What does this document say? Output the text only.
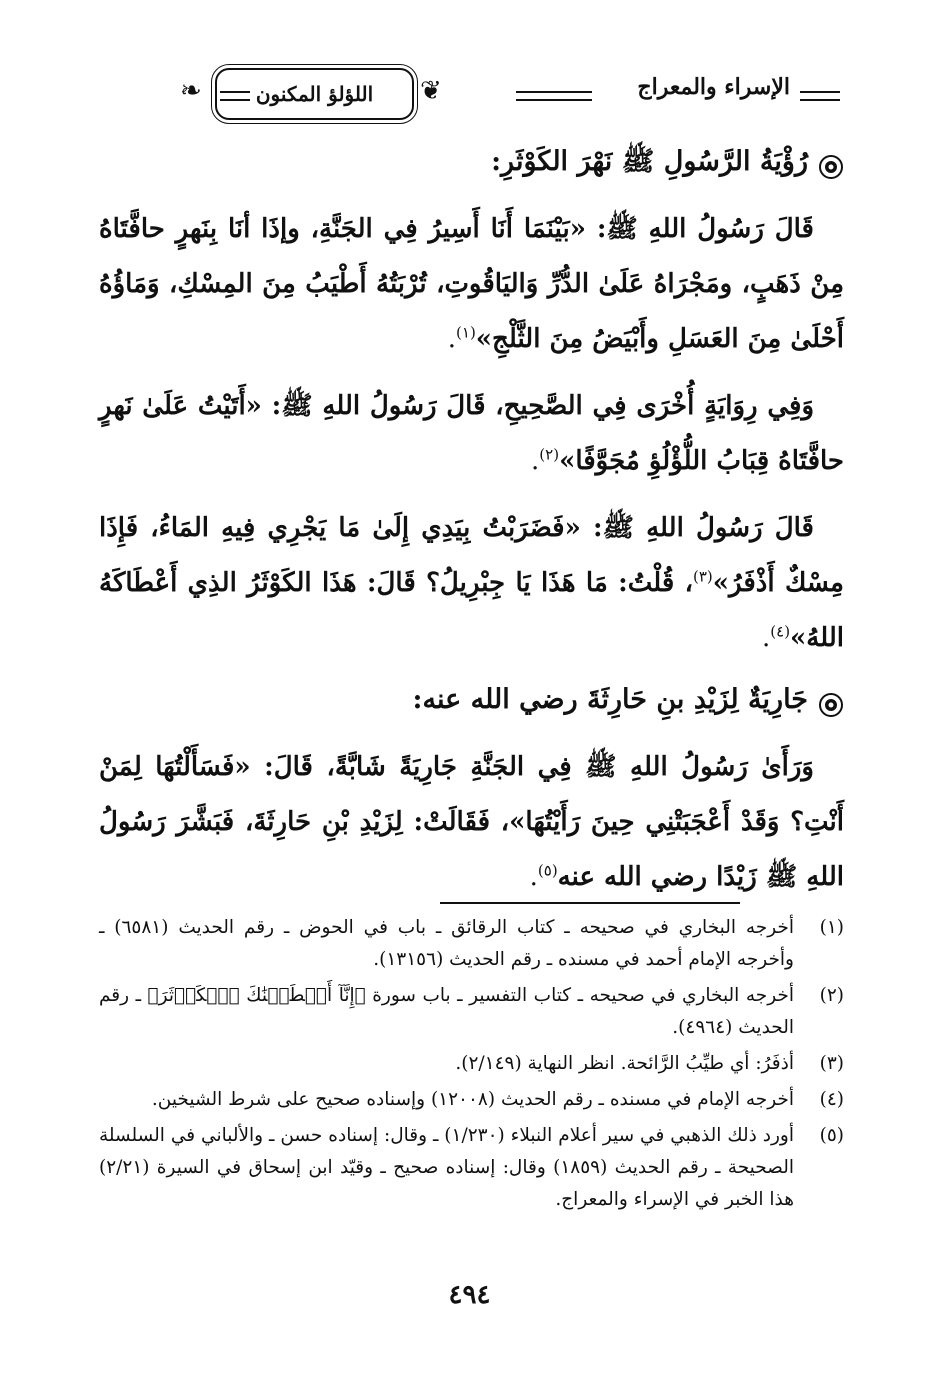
الإسراء والمعراج
❦
اللؤلؤ المكنون
❧
رُؤْيَةُ الرَّسُولِ ﷺ نَهْرَ الكَوْثَرِ:

قَالَ رَسُولُ اللهِ ﷺ: «بَيْنَمَا أَنَا أَسِيرُ فِي الجَنَّةِ، وإذَا أنَا بِنَهرٍ حافَّتَاهُ مِنْ ذَهَبٍ، ومَجْرَاهُ عَلَىٰ الدُّرِّ وَاليَاقُوتِ، تُرْبَتُهُ أَطْيَبُ مِنَ المِسْكِ، وَمَاؤُهُ أَحْلَىٰ مِنَ العَسَلِ وأَبْيَضُ مِنَ الثَّلْجِ»$^{(١)}$.

وَفِي رِوَايَةٍ أُخْرَى فِي الصَّحِيحِ، قَالَ رَسُولُ اللهِ ﷺ: «أَتَيْتُ عَلَىٰ نَهرٍ حافَّتَاهُ قِبَابُ اللُّؤْلُؤِ مُجَوَّفًا»$^{(٢)}$.

قَالَ رَسُولُ اللهِ ﷺ: «فَضَرَبْتُ بِيَدِي إِلَىٰ مَا يَجْرِي فِيهِ المَاءُ، فَإِذَا مِسْكٌ أَذْفَرُ»$^{(٣)}$، قُلْتُ: مَا هَذَا يَا جِبْرِيلُ؟ قَالَ: هَذَا الكَوْثَرُ الذِي أَعْطَاكَهُ اللهُ»$^{(٤)}$.

جَارِيَةٌ لِزَيْدِ بنِ حَارِثَةَ رضي الله عنه:

وَرَأَىٰ رَسُولُ اللهِ ﷺ فِي الجَنَّةِ جَارِيَةً شَابَّةً، قَالَ: «فَسَأَلْتُهَا لِمَنْ أَنْتِ؟ وَقَدْ أَعْجَبَتْنِي حِينَ رَأَيْتُهَا»، فَقَالَتْ: لِزَيْدِ بْنِ حَارِثَةَ، فَبَشَّرَ رَسُولُ اللهِ ﷺ زَيْدًا رضي الله عنه$^{(٥)}$.

(١)
أخرجه البخاري في صحيحه ـ كتاب الرقائق ـ باب في الحوض ـ رقم الحديث (٦٥٨١) ـ وأخرجه الإمام أحمد في مسنده ـ رقم الحديث (١٣١٥٦).
(٢)
أخرجه البخاري في صحيحه ـ كتاب التفسير ـ باب سورة ﴿إِنَّآ أَعۡطَيۡنَٰكَ ٱلۡكَوۡثَرَ﴾ ـ رقم الحديث (٤٩٦٤).
(٣)
أذفَرُ: أي طيِّبُ الرَّائحة. انظر النهاية (٢/١٤٩).
(٤)
أخرجه الإمام في مسنده ـ رقم الحديث (١٢٠٠٨) وإسناده صحيح على شرط الشيخين.
(٥)
أورد ذلك الذهبي في سير أعلام النبلاء (١/٢٣٠) ـ وقال: إسناده حسن ـ والألباني في السلسلة الصحيحة ـ رقم الحديث (١٨٥٩) وقال: إسناده صحيح ـ وقيّد ابن إسحاق في السيرة (٢/٢١) هذا الخبر في الإسراء والمعراج.
٤٩٤
